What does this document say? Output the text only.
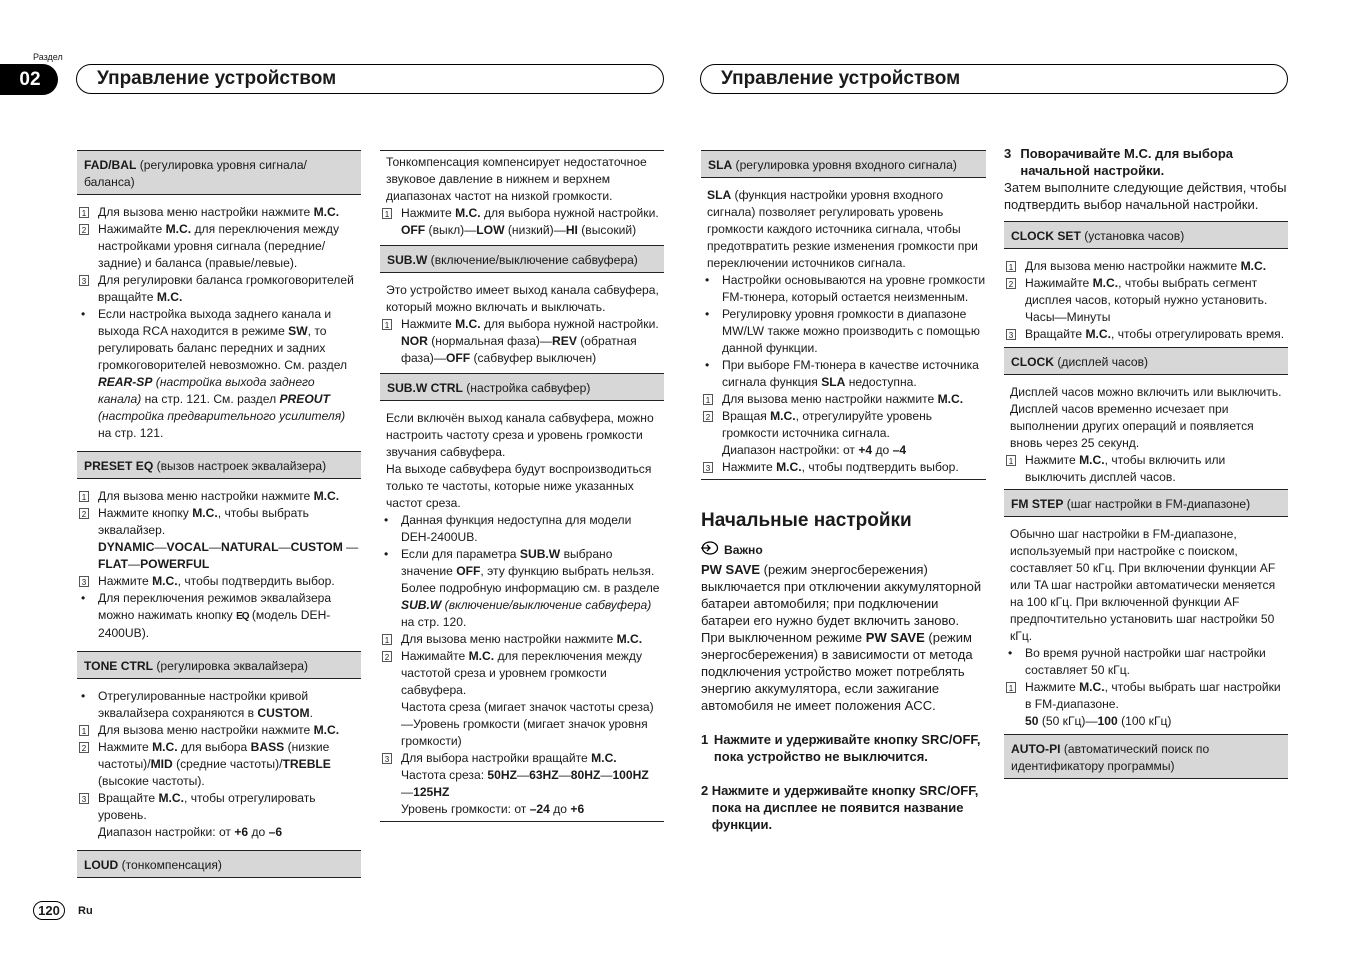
Раздел
02	Управление устройством	Управление устройством
FAD/BAL (регулировка уровня сигнала/баланса)
1 Для вызова меню настройки нажмите M.C.
2 Нажимайте M.C. для переключения между настройками уровня сигнала (передние/задние) и баланса (правые/левые).
3 Для регулировки баланса громкоговорителей вращайте M.C.
•	Если настройка выхода заднего канала и выхода RCA находится в режиме SW, то регулировать баланс передних и задних громкоговорителей невозможно. См. раздел REAR-SP (настройка выхода заднего канала) на стр. 121. См. раздел PREOUT (настройка предварительного усилителя) на стр. 121.
PRESET EQ (вызов настроек эквалайзера)
1 Для вызова меню настройки нажмите M.C.
2 Нажмите кнопку M.C., чтобы выбрать эквалайзер.
DYNAMIC—VOCAL—NATURAL—CUSTOM —FLAT—POWERFUL
3 Нажмите M.C., чтобы подтвердить выбор.
•	Для переключения режимов эквалайзера можно нажимать кнопку EQ (модель DEH-2400UB).
TONE CTRL (регулировка эквалайзера)
•	Отрегулированные настройки кривой эквалайзера сохраняются в CUSTOM.
1 Для вызова меню настройки нажмите M.C.
2 Нажмите M.C. для выбора BASS (низкие частоты)/MID (средние частоты)/TREBLE (высокие частоты).
3 Вращайте M.C., чтобы отрегулировать уровень.
Диапазон настройки: от +6 до –6
LOUD (тонкомпенсация)
Тонкомпенсация компенсирует недостаточное звуковое давление в нижнем и верхнем диапазонах частот на низкой громкости.
1 Нажмите M.C. для выбора нужной настройки.
OFF (выкл)—LOW (низкий)—HI (высокий)
SUB.W (включение/выключение сабвуфера)
Это устройство имеет выход канала сабвуфера, который можно включать и выключать.
1 Нажмите M.C. для выбора нужной настройки.
NOR (нормальная фаза)—REV (обратная фаза)—OFF (сабвуфер выключен)
SUB.W CTRL (настройка сабвуфер)
Если включён выход канала сабвуфера, можно настроить частоту среза и уровень громкости звучания сабвуфера.
На выходе сабвуфера будут воспроизводиться только те частоты, которые ниже указанных частот среза.
•	Данная функция недоступна для модели DEH-2400UB.
•	Если для параметра SUB.W выбрано значение OFF, эту функцию выбрать нельзя. Более подробную информацию см. в разделе SUB.W (включение/выключение сабвуфера) на стр. 120.
1 Для вызова меню настройки нажмите M.C.
2 Нажимайте M.C. для переключения между частотой среза и уровнем громкости сабвуфера.
Частота среза (мигает значок частоты среза)—Уровень громкости (мигает значок уровня громкости)
3 Для выбора настройки вращайте M.C.
Частота среза: 50HZ—63HZ—80HZ—100HZ —125HZ
Уровень громкости: от –24 до +6
SLA (регулировка уровня входного сигнала)
SLA (функция настройки уровня входного сигнала) позволяет регулировать уровень громкости каждого источника сигнала, чтобы предотвратить резкие изменения громкости при переключении источников сигнала.
•	Настройки основываются на уровне громкости FM-тюнера, который остается неизменным.
•	Регулировку уровня громкости в диапазоне MW/LW также можно производить с помощью данной функции.
•	При выборе FM-тюнера в качестве источника сигнала функция SLA недоступна.
1 Для вызова меню настройки нажмите M.C.
2 Вращая M.C., отрегулируйте уровень громкости источника сигнала.
Диапазон настройки: от +4 до –4
3 Нажмите M.C., чтобы подтвердить выбор.
Начальные настройки
Важно
PW SAVE (режим энергосбережения) выключается при отключении аккумуляторной батареи автомобиля; при подключении батареи его нужно будет включить заново. При выключенном режиме PW SAVE (режим энергосбережения) в зависимости от метода подключения устройство может потреблять энергию аккумулятора, если зажигание автомобиля не имеет положения ACC.
1 Нажмите и удерживайте кнопку SRC/OFF, пока устройство не выключится.
2 Нажмите и удерживайте кнопку SRC/OFF, пока на дисплее не появится название функции.
3 Поворачивайте M.C. для выбора начальной настройки.
Затем выполните следующие действия, чтобы подтвердить выбор начальной настройки.
CLOCK SET (установка часов)
1 Для вызова меню настройки нажмите M.C.
2 Нажимайте M.C., чтобы выбрать сегмент дисплея часов, который нужно установить.
Часы—Минуты
3 Вращайте M.C., чтобы отрегулировать время.
CLOCK (дисплей часов)
Дисплей часов можно включить или выключить.
Дисплей часов временно исчезает при выполнении других операций и появляется вновь через 25 секунд.
1 Нажмите M.C., чтобы включить или выключить дисплей часов.
FM STEP (шаг настройки в FM-диапазоне)
Обычно шаг настройки в FM-диапазоне, используемый при настройке с поиском, составляет 50 кГц. При включении функции AF или TA шаг настройки автоматически меняется на 100 кГц. При включенной функции AF предпочтительно установить шаг настройки 50 кГц.
•	Во время ручной настройки шаг настройки составляет 50 кГц.
1 Нажмите M.C., чтобы выбрать шаг настройки в FM-диапазоне.
50 (50 кГц)—100 (100 кГц)
AUTO-PI (автоматический поиск по идентификатору программы)
120	Ru
